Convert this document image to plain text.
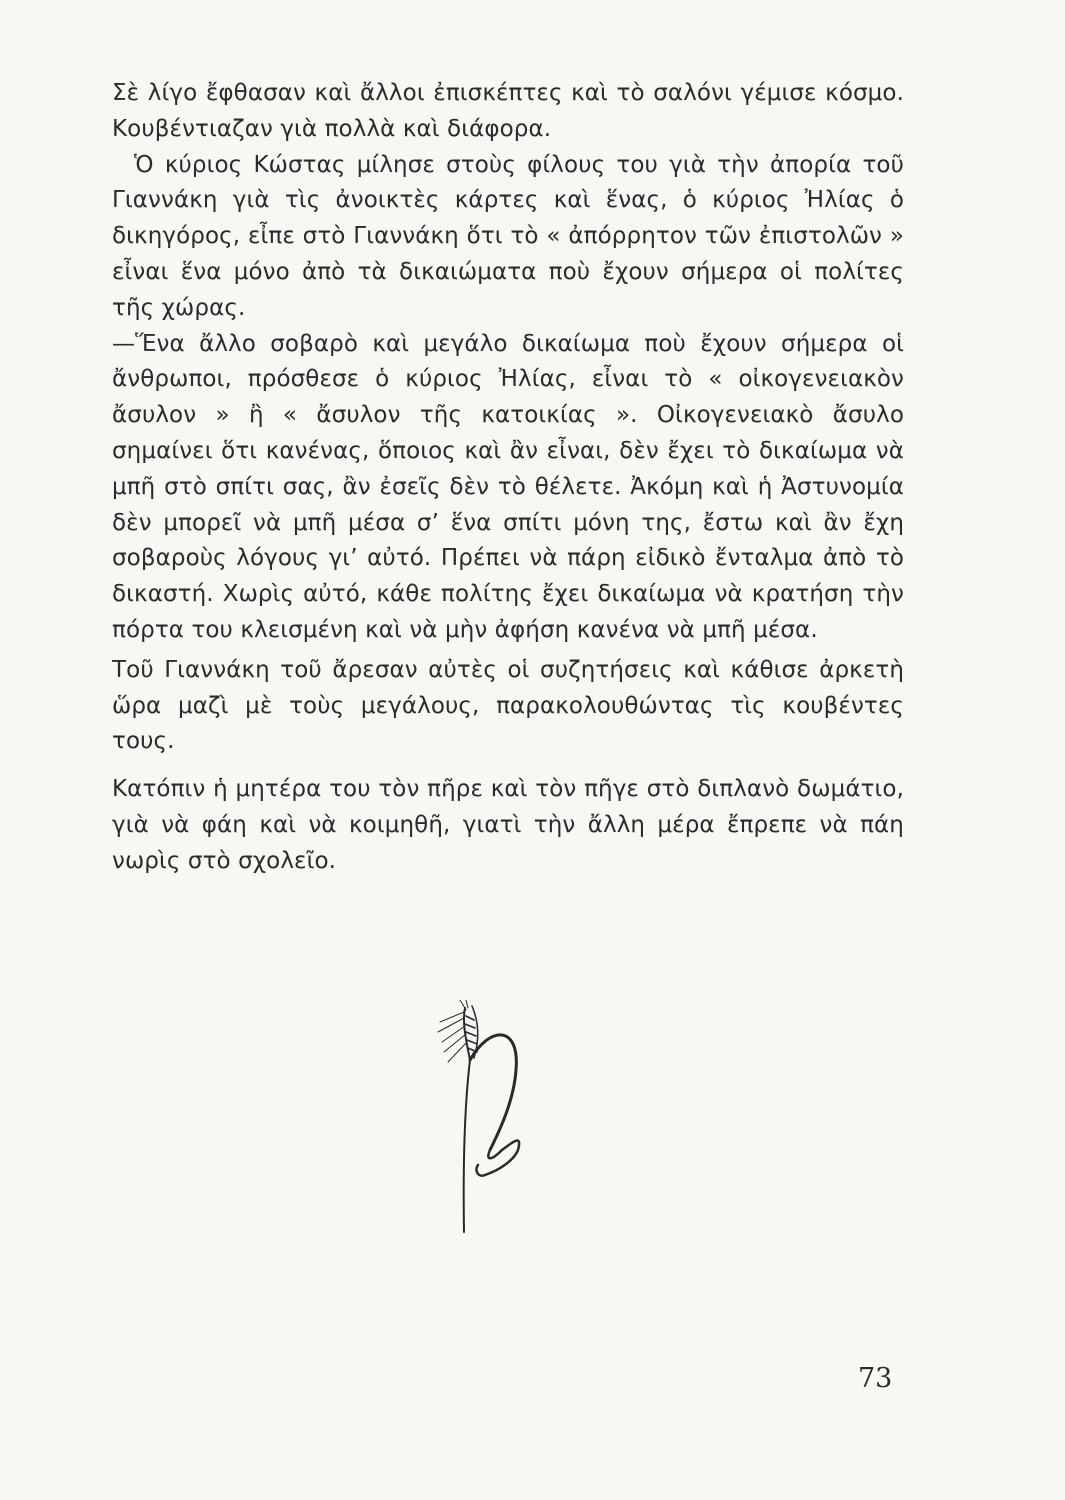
Σὲ λίγο ἔφθασαν καὶ ἄλλοι ἐπισκέπτες καὶ τὸ σαλόνι γέμισε κόσμο. Κουβέντιαζαν γιὰ πολλὰ καὶ διάφορα.

Ὁ κύριος Κώστας μίλησε στοὺς φίλους του γιὰ τὴν ἀπορία τοῦ Γιαννάκη γιὰ τὶς ἀνοικτὲς κάρτες καὶ ἕνας, ὁ κύριος Ἠλίας ὁ δικηγόρος, εἶπε στὸ Γιαννάκη ὅτι τὸ « ἀπόρρητον τῶν ἐπιστολῶν » εἶναι ἕνα μόνο ἀπὸ τὰ δικαιώματα ποὺ ἔχουν σήμερα οἱ πολίτες τῆς χώρας.

—Ἕνα ἄλλο σοβαρὸ καὶ μεγάλο δικαίωμα ποὺ ἔχουν σήμερα οἱ ἄνθρωποι, πρόσθεσε ὁ κύριος Ἠλίας, εἶναι τὸ « οἰκογενειακὸν ἄσυλον » ἢ « ἄσυλον τῆς κατοικίας ». Οἰκογενειακὸ ἄσυλο σημαίνει ὅτι κανένας, ὅποιος καὶ ἂν εἶναι, δὲν ἔχει τὸ δικαίωμα νὰ μπῆ στὸ σπίτι σας, ἂν ἐσεῖς δὲν τὸ θέλετε. Ἀκόμη καὶ ἡ Ἀστυνομία δὲν μπορεῖ νὰ μπῆ μέσα σ’ ἕνα σπίτι μόνη της, ἔστω καὶ ἂν ἔχη σοβαροὺς λόγους γι’ αὐτό. Πρέπει νὰ πάρη εἰδικὸ ἔνταλμα ἀπὸ τὸ δικαστή. Χωρὶς αὐτό, κάθε πολίτης ἔχει δικαίωμα νὰ κρατήση τὴν πόρτα του κλεισμένη καὶ νὰ μὴν ἀφήση κανένα νὰ μπῆ μέσα.

Τοῦ Γιαννάκη τοῦ ἄρεσαν αὐτὲς οἱ συζητήσεις καὶ κάθισε ἀρκετὴ ὥρα μαζὶ μὲ τοὺς μεγάλους, παρακολουθώντας τὶς κουβέντες τους.

Κατόπιν ἡ μητέρα του τὸν πῆρε καὶ τὸν πῆγε στὸ διπλανὸ δωμάτιο, γιὰ νὰ φάη καὶ νὰ κοιμηθῆ, γιατὶ τὴν ἄλλη μέρα ἔπρεπε νὰ πάη νωρὶς στὸ σχολεῖο.

73
